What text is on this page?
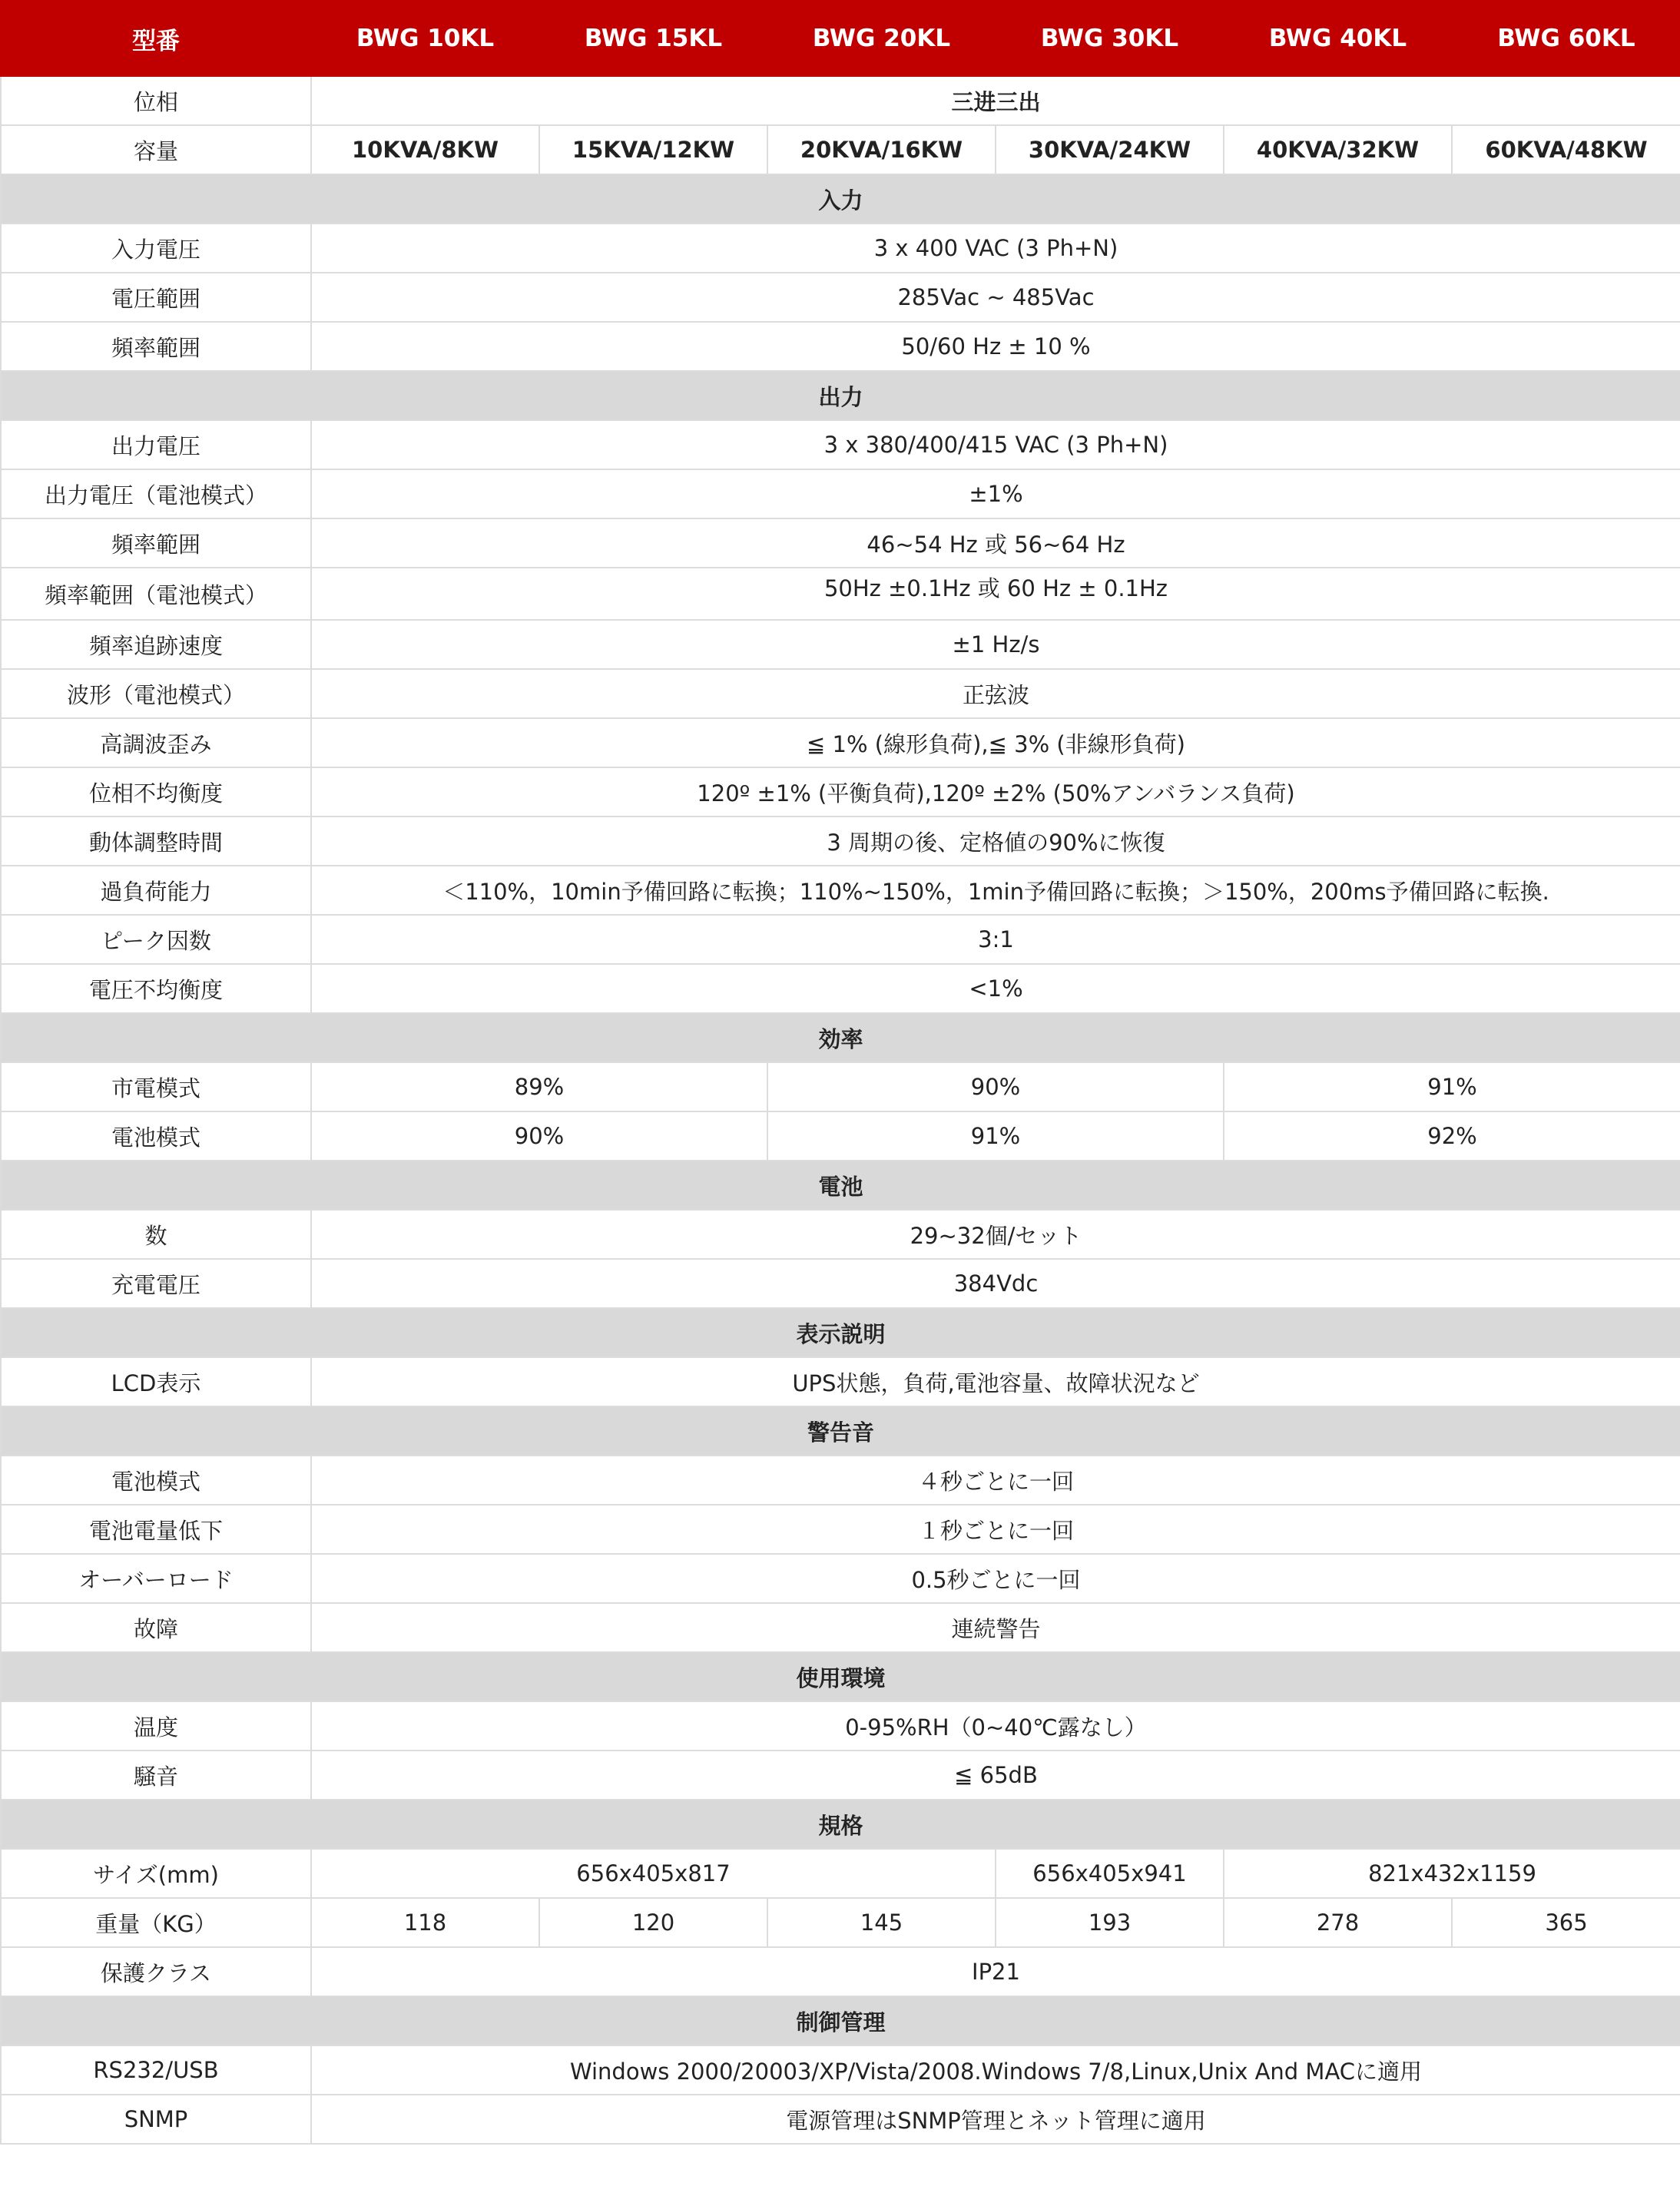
型番	BWG 10KL	BWG 15KL	BWG 20KL	BWG 30KL	BWG 40KL	BWG 60KL
位相	三进三出					
容量	10KVA/8KW	15KVA/12KW	20KVA/16KW	30KVA/24KW	40KVA/32KW	60KVA/48KW
入力						
入力電圧	3 x 400 VAC (3 Ph+N)					
電圧範囲	285Vac ~ 485Vac					
頻率範囲	50/60 Hz ± 10 %					
出力						
出力電圧	3 x 380/400/415 VAC (3 Ph+N)					
出力電圧（電池模式）	±1%					
頻率範囲	46~54 Hz 或 56~64 Hz					
頻率範囲（電池模式）	50Hz ±0.1Hz 或 60 Hz ± 0.1Hz					
頻率追跡速度	±1 Hz/s					
波形（電池模式）	正弦波					
高調波歪み	≦ 1% (線形負荷),≦ 3% (非線形負荷)					
位相不均衡度	120º ±1% (平衡負荷),120º ±2% (50%アンバランス負荷)					
動体調整時間	3 周期の後、定格値の90%に恢復					
過負荷能力	＜110%，10min予備回路に転換；110%~150%，1min予備回路に転換；＞150%，200ms予備回路に転換.					
ピーク因数	3:1					
電圧不均衡度	<1%					
効率						
市電模式	89%		90%		91%	
電池模式	90%		91%		92%	
電池						
数	29~32個/セット					
充電電圧	384Vdc					
表示説明						
LCD表示	UPS状態，負荷,電池容量、故障状況など					
警告音						
電池模式	４秒ごとに一回					
電池電量低下	１秒ごとに一回					
オーバーロード	0.5秒ごとに一回					
故障	連続警告					
使用環境						
温度	0-95%RH（0~40℃露なし）					
騒音	≦ 65dB					
規格						
サイズ(mm)	656x405x817			656x405x941	821x432x1159	
重量（KG）	118	120	145	193	278	365
保護クラス	IP21					
制御管理						
RS232/USB	Windows 2000/20003/XP/Vista/2008.Windows 7/8,Linux,Unix And MACに適用					
SNMP	電源管理はSNMP管理とネット管理に適用					
